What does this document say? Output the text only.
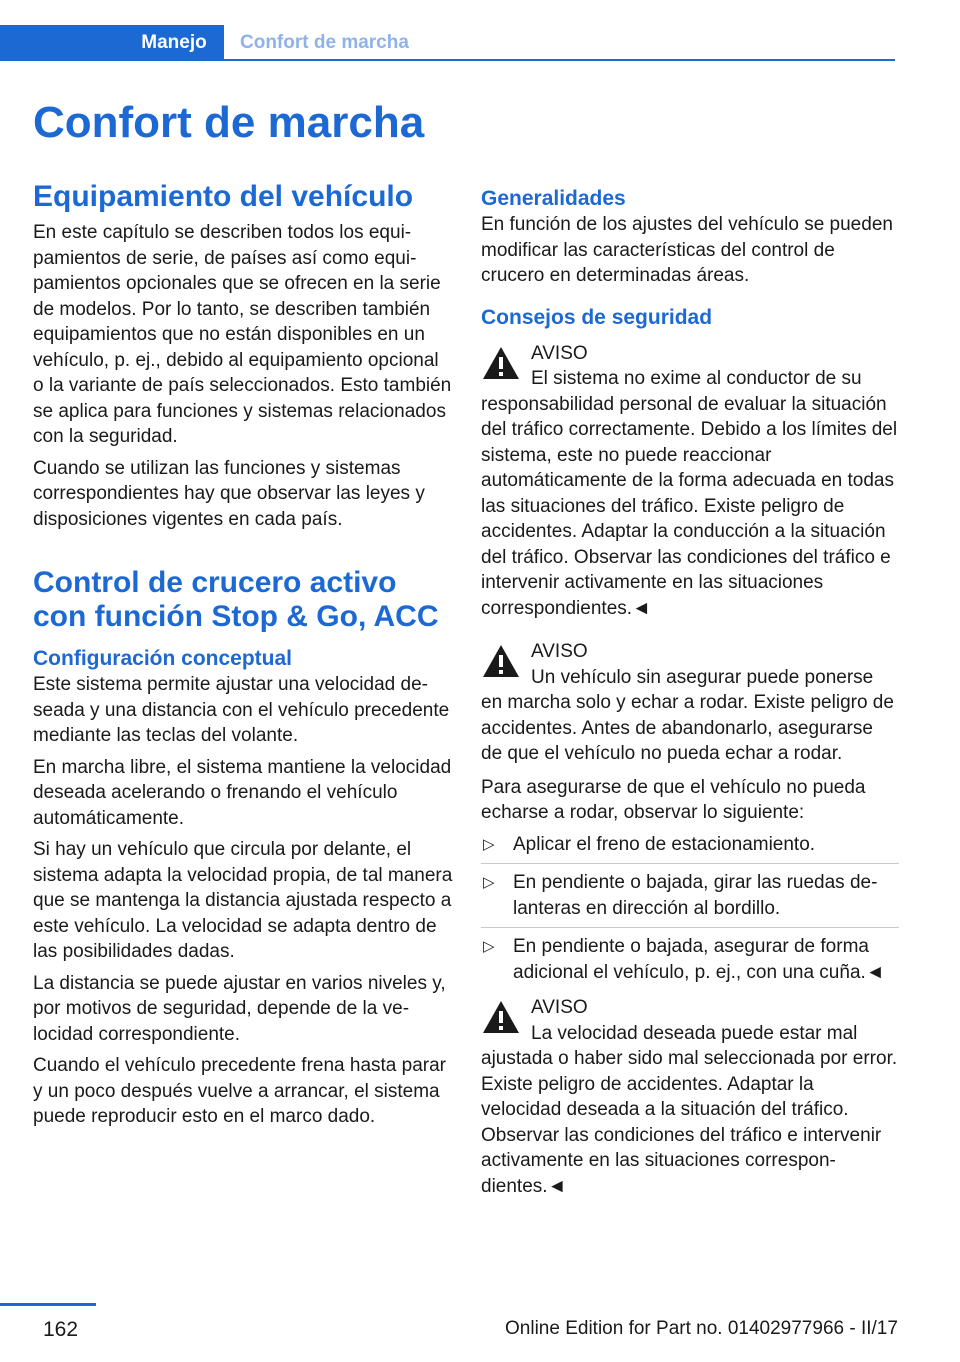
Manejo	Confort de marcha
Confort de marcha
Equipamiento del vehículo

En este capítulo se describen todos los equipamientos de serie, de países así como equipamientos opcionales que se ofrecen en la serie de modelos. Por lo tanto, se describen también equipamientos que no están disponibles en un vehículo, p. ej., debido al equipamiento opcional o la variante de país seleccionados. Esto también se aplica para funciones y sistemas relacionados con la seguridad.

Cuando se utilizan las funciones y sistemas correspondientes hay que observar las leyes y disposiciones vigentes en cada país.

Control de crucero activo con función Stop & Go, ACC
Configuración conceptual

Este sistema permite ajustar una velocidad deseada y una distancia con el vehículo precedente mediante las teclas del volante.

En marcha libre, el sistema mantiene la velocidad deseada acelerando o frenando el vehículo automáticamente.

Si hay un vehículo que circula por delante, el sistema adapta la velocidad propia, de tal manera que se mantenga la distancia ajustada respecto a este vehículo. La velocidad se adapta dentro de las posibilidades dadas.

La distancia se puede ajustar en varios niveles y, por motivos de seguridad, depende de la velocidad correspondiente.

Cuando el vehículo precedente frena hasta parar y un poco después vuelve a arrancar, el sistema puede reproducir esto en el marco dado.

Generalidades

En función de los ajustes del vehículo se pueden modificar las características del control de crucero en determinadas áreas.

Consejos de seguridad
AVISO
El sistema no exime al conductor de su responsabilidad personal de evaluar la situación del tráfico correctamente. Debido a los límites del sistema, este no puede reaccionar automáticamente de la forma adecuada en todas las situaciones del tráfico. Existe peligro de accidentes. Adaptar la conducción a la situación del tráfico. Observar las condiciones del tráfico e intervenir activamente en las situaciones correspondientes.◄
AVISO
Un vehículo sin asegurar puede ponerse en marcha solo y echar a rodar. Existe peligro de accidentes. Antes de abandonarlo, asegurarse de que el vehículo no pueda echar a rodar.

Para asegurarse de que el vehículo no pueda echarse a rodar, observar lo siguiente:

▷ Aplicar el freno de estacionamiento.
▷ En pendiente o bajada, girar las ruedas delanteras en dirección al bordillo.
▷ En pendiente o bajada, asegurar de forma adicional el vehículo, p. ej., con una cuña.◄
AVISO
La velocidad deseada puede estar mal ajustada o haber sido mal seleccionada por error. Existe peligro de accidentes. Adaptar la velocidad deseada a la situación del tráfico. Observar las condiciones del tráfico e intervenir activamente en las situaciones correspondientes.◄
162	Online Edition for Part no. 01402977966 - II/17
